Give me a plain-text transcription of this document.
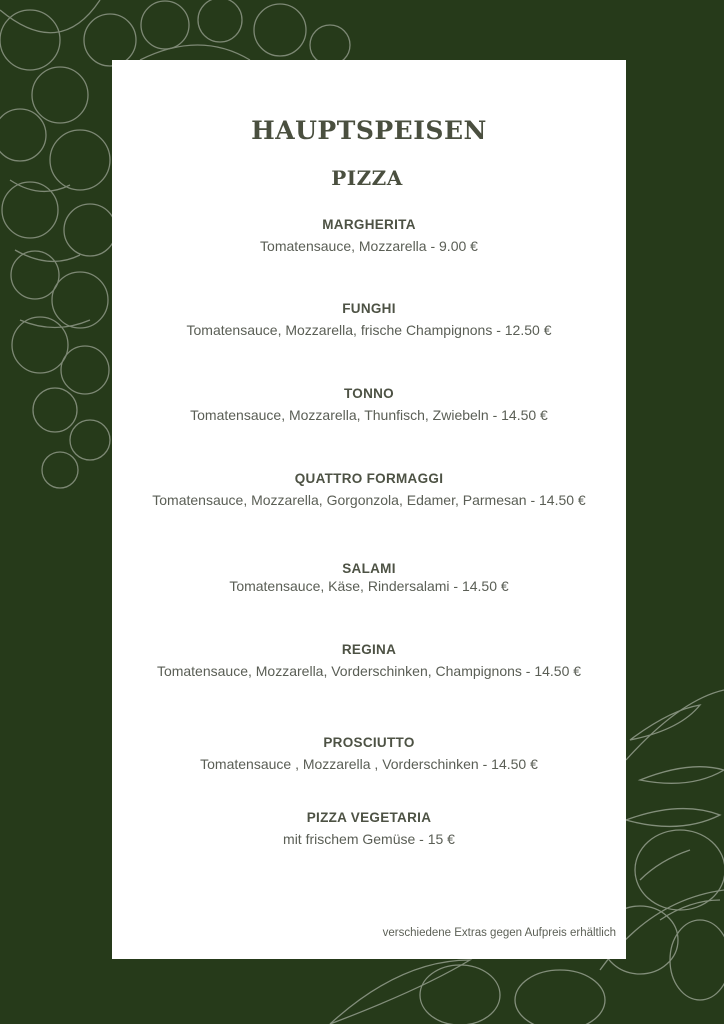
HAUPTSPEISEN
PIZZA
MARGHERITA
Tomatensauce, Mozzarella - 9.00 €
FUNGHI
Tomatensauce, Mozzarella, frische Champignons - 12.50 €
TONNO
Tomatensauce, Mozzarella, Thunfisch, Zwiebeln - 14.50 €
QUATTRO FORMAGGI
Tomatensauce, Mozzarella, Gorgonzola, Edamer, Parmesan - 14.50 €
SALAMI
Tomatensauce, Käse, Rindersalami - 14.50 €
REGINA
Tomatensauce, Mozzarella, Vorderschinken, Champignons - 14.50 €
PROSCIUTTO
Tomatensauce , Mozzarella , Vorderschinken - 14.50 €
PIZZA VEGETARIA
mit frischem Gemüse - 15 €
verschiedene Extras gegen Aufpreis erhältlich
